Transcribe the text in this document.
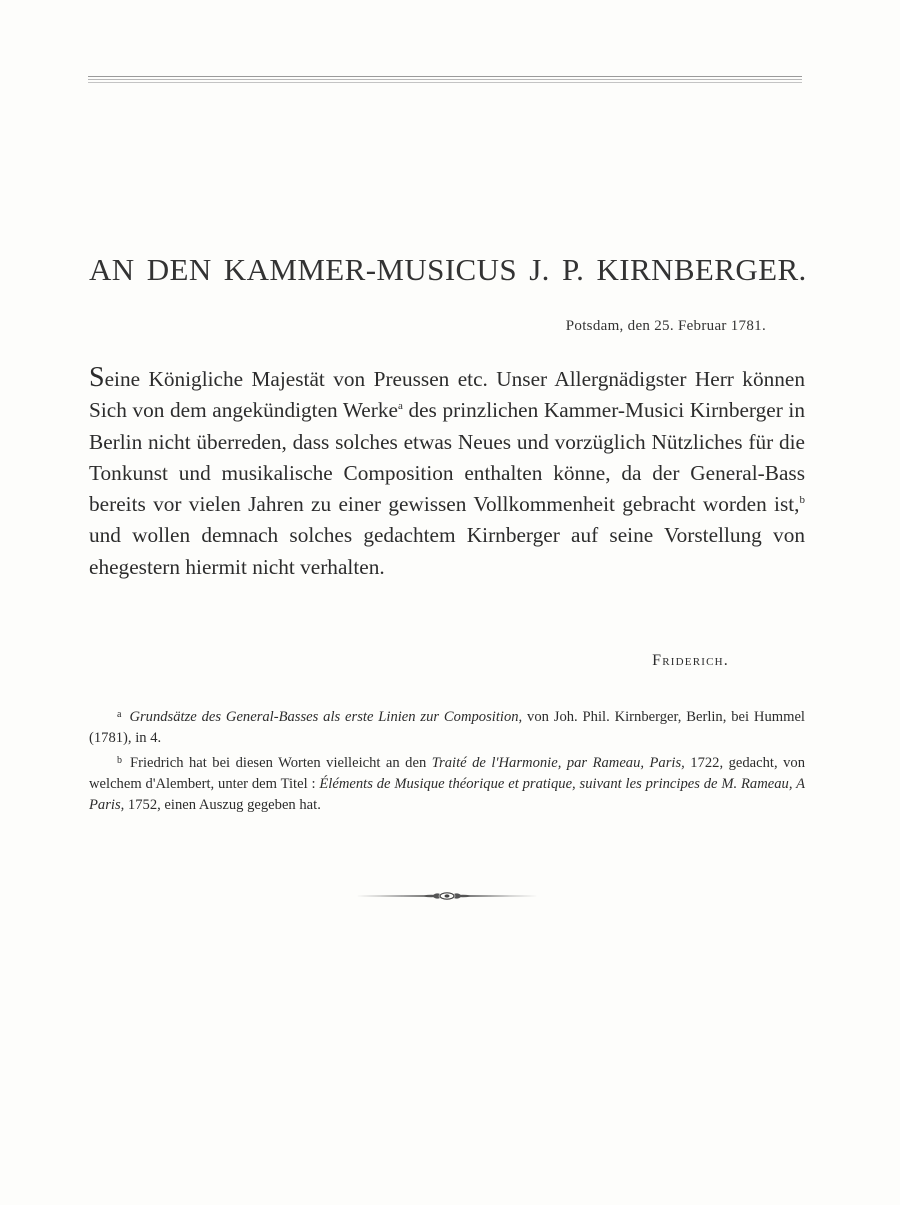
AN DEN KAMMER-MUSICUS J. P. KIRNBERGER.
Potsdam, den 25. Februar 1781.

Seine Königliche Majestät von Preussen etc. Unser Allergnädigster Herr können Sich von dem angekündigten Werke$^a$ des prinzlichen Kammer-Musici Kirnberger in Berlin nicht überreden, dass solches etwas Neues und vorzüglich Nützliches für die Tonkunst und musikalische Composition enthalten könne, da der General-Bass bereits vor vielen Jahren zu einer gewissen Vollkommenheit gebracht worden ist,$^b$ und wollen demnach solches gedachtem Kirnberger auf seine Vorstellung von ehegestern hiermit nicht verhalten.

Friderich.

$^a$ Grundsätze des General-Basses als erste Linien zur Composition, von Joh. Phil. Kirnberger, Berlin, bei Hummel (1781), in 4.

$^b$ Friedrich hat bei diesen Worten vielleicht an den Traité de l'Harmonie, par Rameau, Paris, 1722, gedacht, von welchem d'Alembert, unter dem Titel : Éléments de Musique théorique et pratique, suivant les principes de M. Rameau, A Paris, 1752, einen Auszug gegeben hat.
